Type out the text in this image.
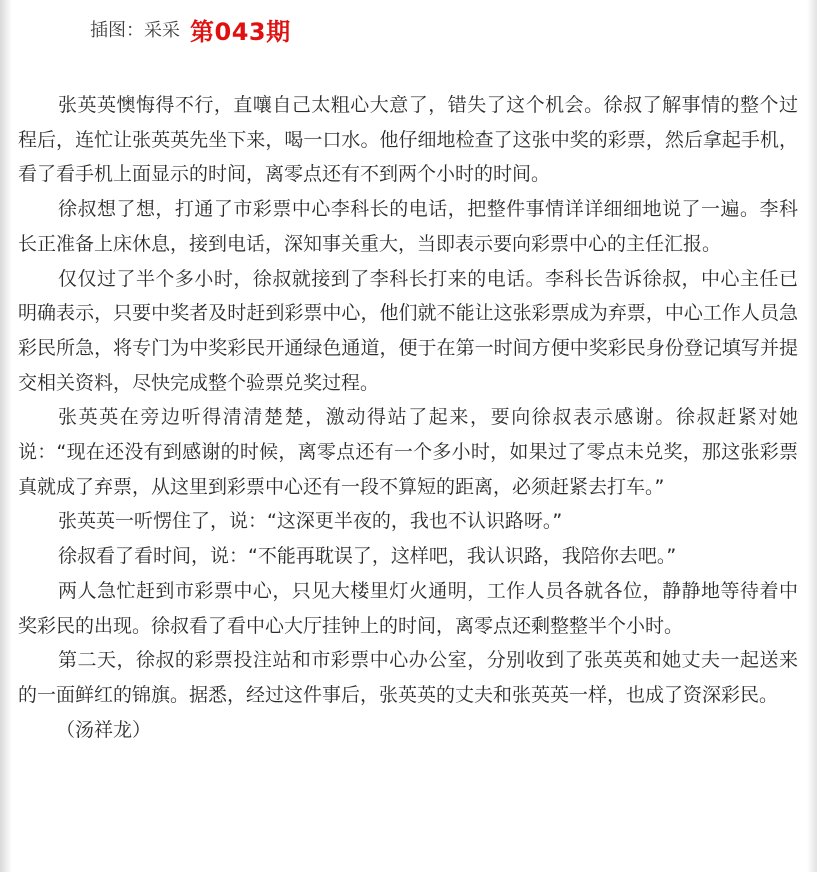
插图：采采 第043期

张英英懊悔得不行，直嚷自己太粗心大意了，错失了这个机会。徐叔了解事情的整个过程后，连忙让张英英先坐下来，喝一口水。他仔细地检查了这张中奖的彩票，然后拿起手机，看了看手机上面显示的时间，离零点还有不到两个小时的时间。

徐叔想了想，打通了市彩票中心李科长的电话，把整件事情详详细细地说了一遍。李科长正准备上床休息，接到电话，深知事关重大，当即表示要向彩票中心的主任汇报。

仅仅过了半个多小时，徐叔就接到了李科长打来的电话。李科长告诉徐叔，中心主任已明确表示，只要中奖者及时赶到彩票中心，他们就不能让这张彩票成为弃票，中心工作人员急彩民所急，将专门为中奖彩民开通绿色通道，便于在第一时间方便中奖彩民身份登记填写并提交相关资料，尽快完成整个验票兑奖过程。

张英英在旁边听得清清楚楚，激动得站了起来，要向徐叔表示感谢。徐叔赶紧对她说：“现在还没有到感谢的时候，离零点还有一个多小时，如果过了零点未兑奖，那这张彩票真就成了弃票，从这里到彩票中心还有一段不算短的距离，必须赶紧去打车。”

张英英一听愣住了，说：“这深更半夜的，我也不认识路呀。”

徐叔看了看时间，说：“不能再耽误了，这样吧，我认识路，我陪你去吧。”

两人急忙赶到市彩票中心，只见大楼里灯火通明，工作人员各就各位，静静地等待着中奖彩民的出现。徐叔看了看中心大厅挂钟上的时间，离零点还剩整整半个小时。

第二天，徐叔的彩票投注站和市彩票中心办公室，分别收到了张英英和她丈夫一起送来的一面鲜红的锦旗。据悉，经过这件事后，张英英的丈夫和张英英一样，也成了资深彩民。

（汤祥龙）
